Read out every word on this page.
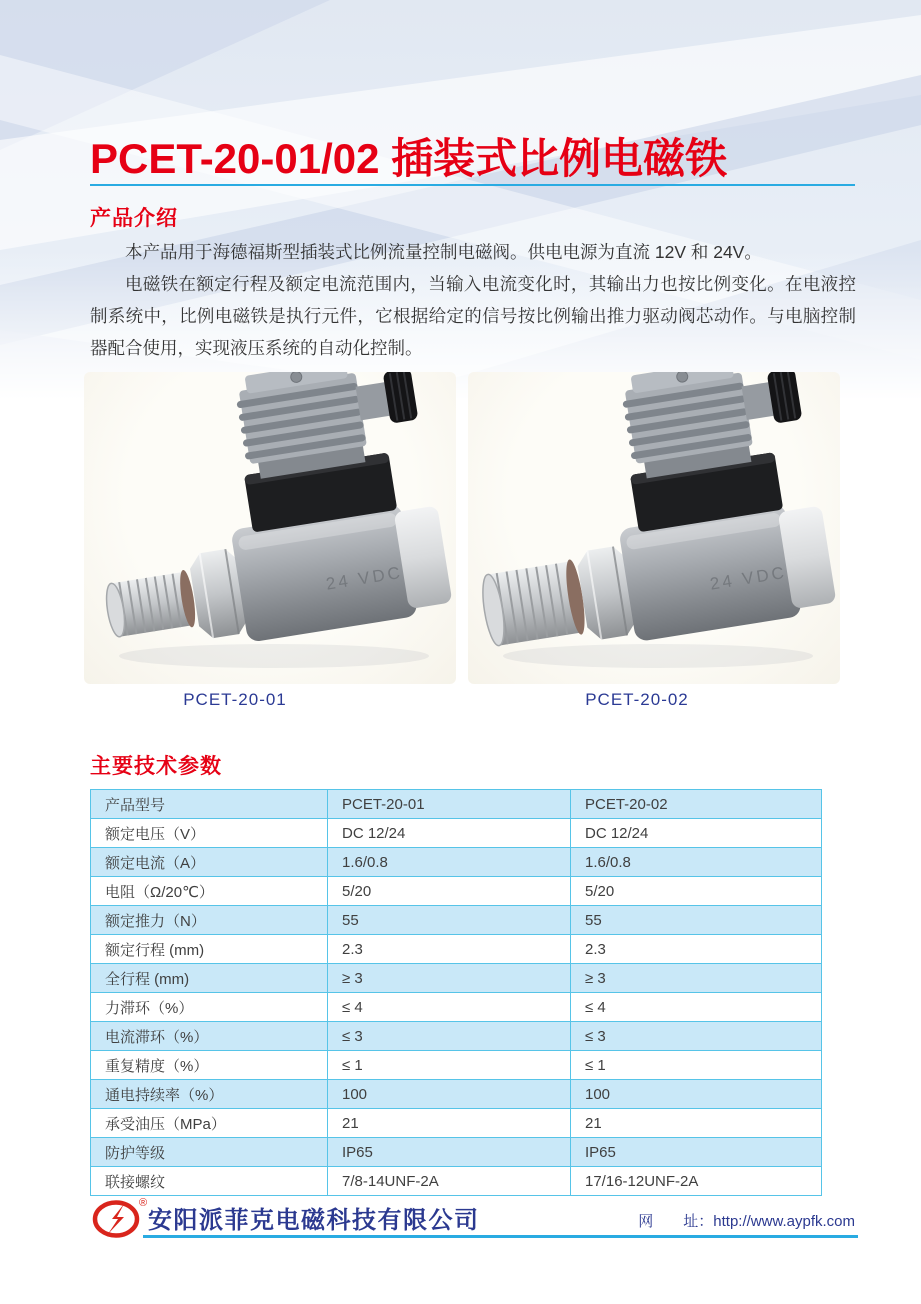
PCET-20-01/02 插装式比例电磁铁
产品介绍

本产品用于海德福斯型插装式比例流量控制电磁阀。供电电源为直流 12V 和 24V。

电磁铁在额定行程及额定电流范围内，当输入电流变化时，其输出力也按比例变化。在电液控制系统中，比例电磁铁是执行元件，它根据给定的信号按比例输出推力驱动阀芯动作。与电脑控制器配合使用，实现液压系统的自动化控制。

24 VDC	24 VDC
PCET-20-01	PCET-20-02
主要技术参数
产品型号	PCET-20-01	PCET-20-02
额定电压（V）	DC 12/24	DC 12/24
额定电流（A）	1.6/0.8	1.6/0.8
电阻（Ω/20℃）	5/20	5/20
额定推力（N）	55	55
额定行程 (mm)	2.3	2.3
全行程 (mm)	≥ 3	≥ 3
力滞环（%）	≤ 4	≤ 4
电流滞环（%）	≤ 3	≤ 3
重复精度（%）	≤ 1	≤ 1
通电持续率（%）	100	100
承受油压（MPa）	21	21
防护等级	IP65	IP65
联接螺纹	7/8-14UNF-2A	17/16-12UNF-2A
®
安阳派菲克电磁科技有限公司	网　　址：http://www.aypfk.com
